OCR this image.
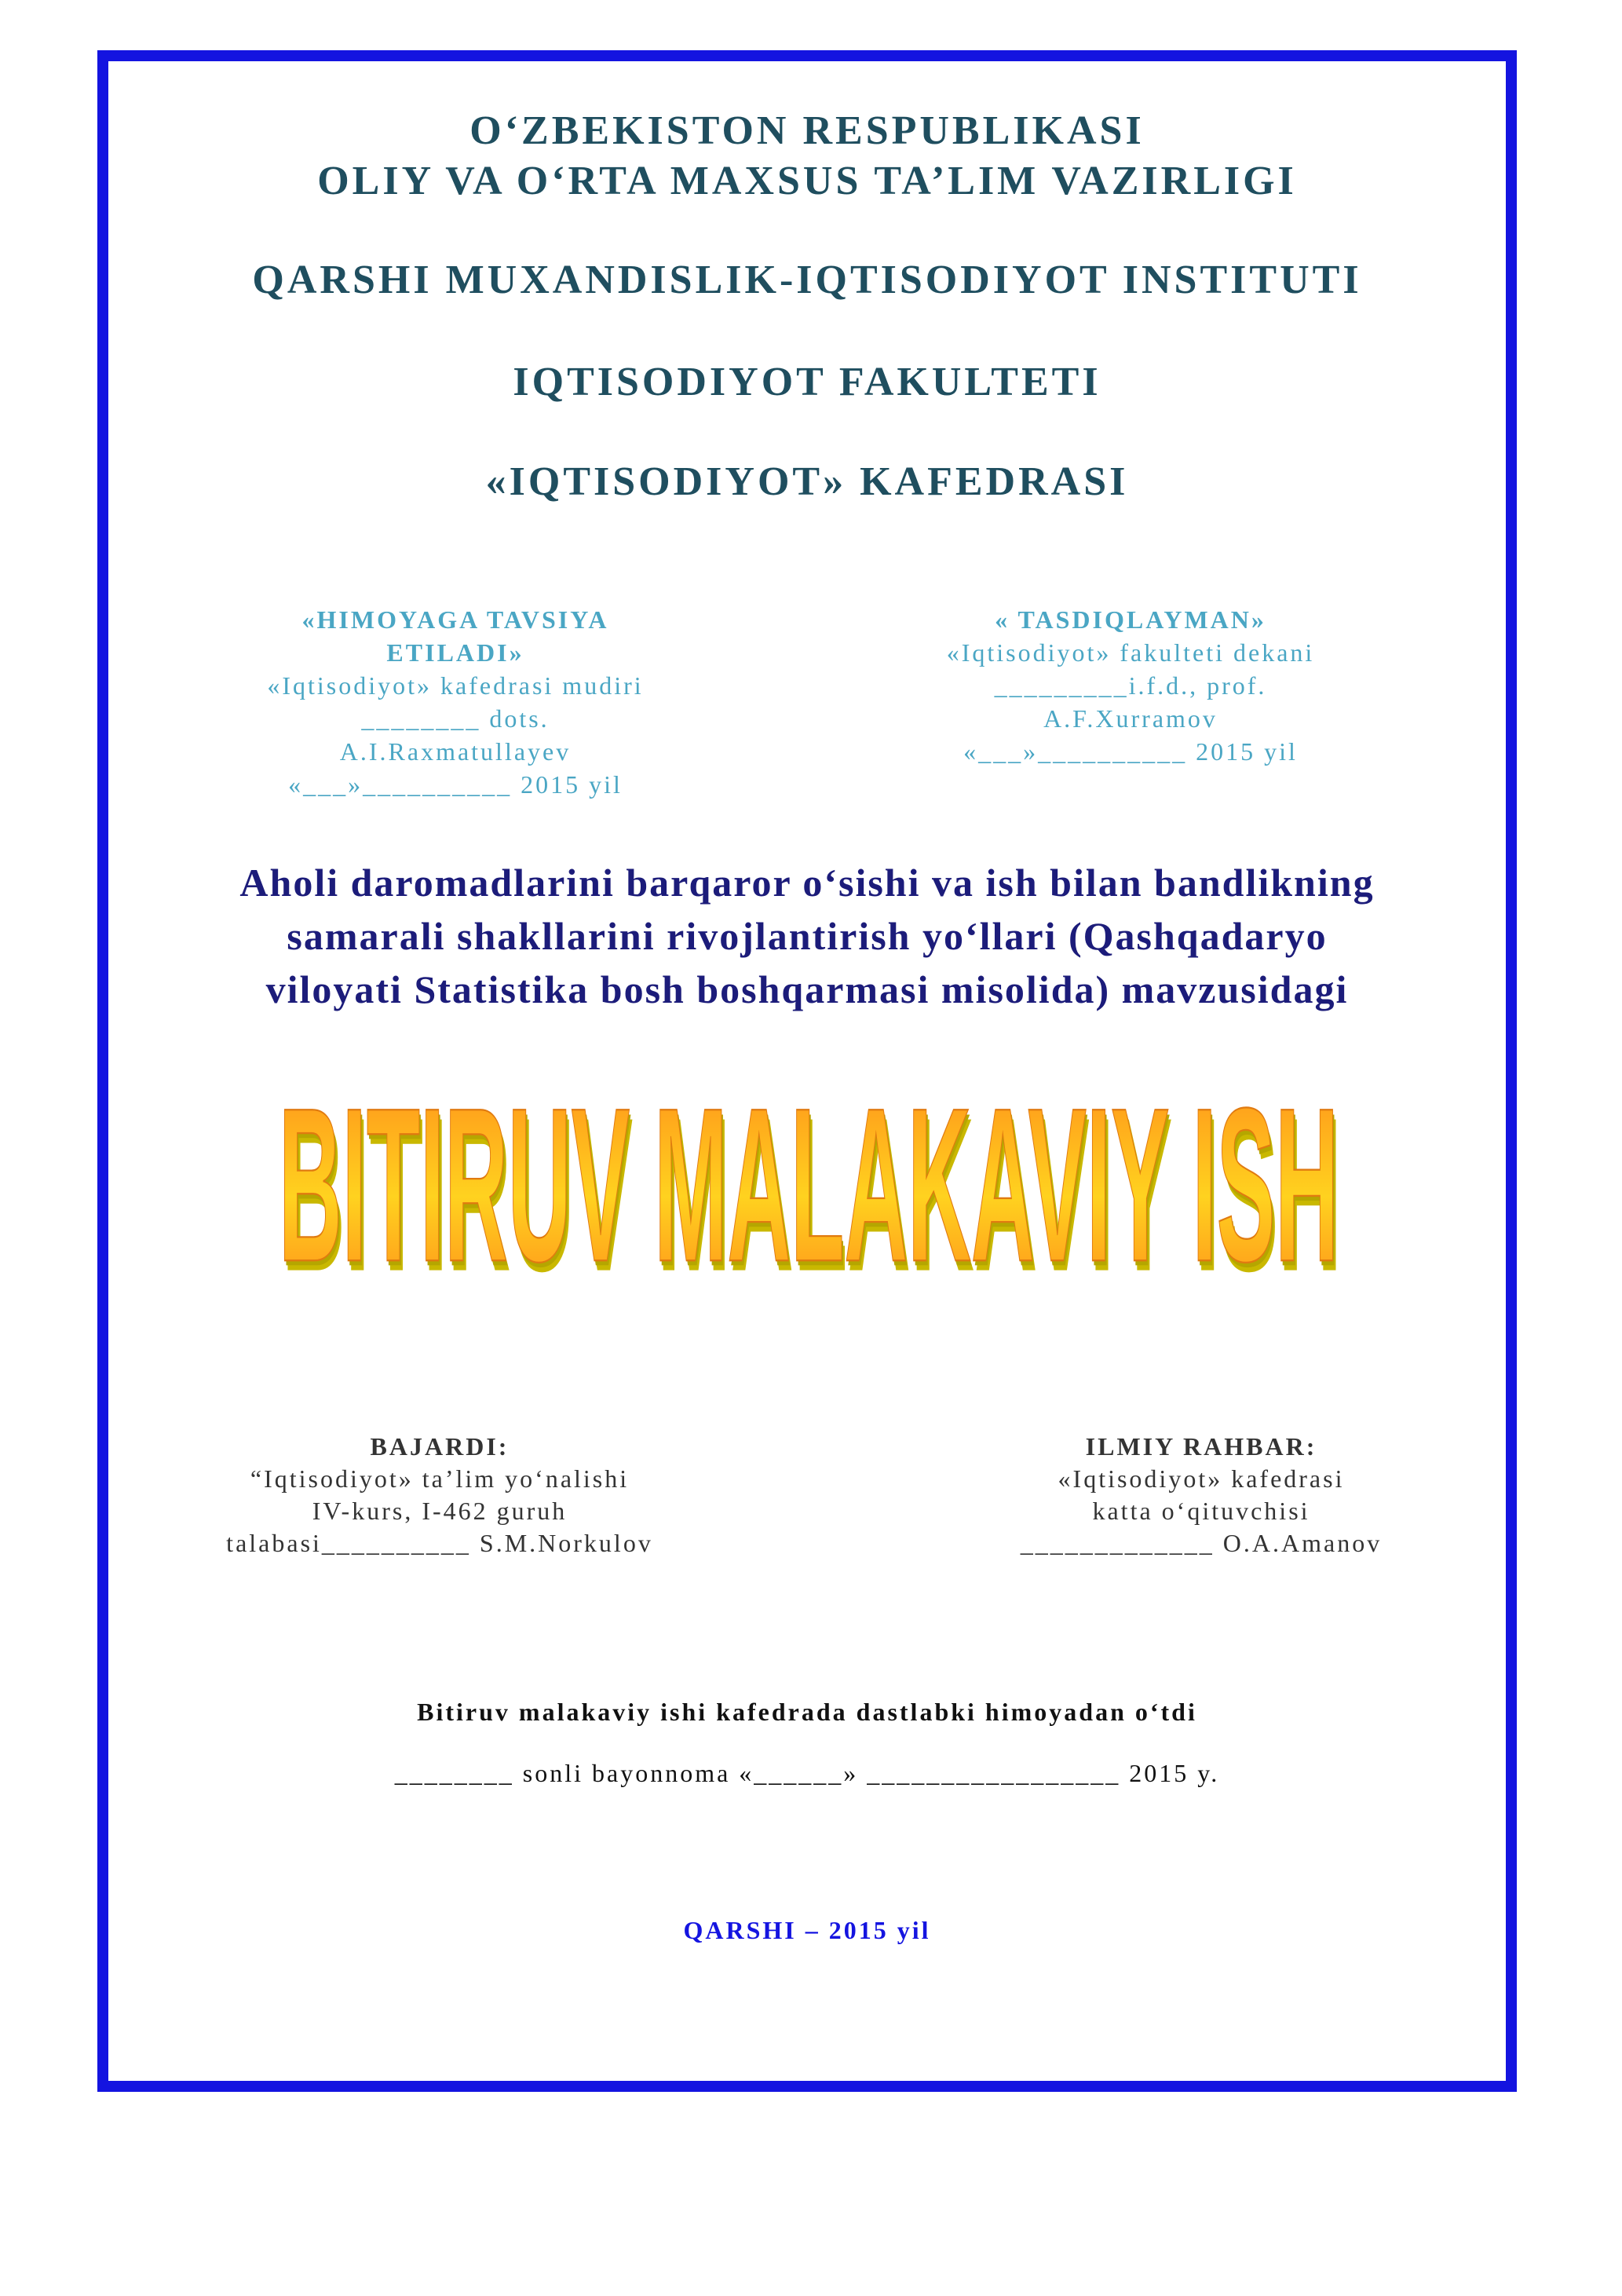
O‘ZBEKISTON RESPUBLIKASI
OLIY VA O‘RTA MAXSUS TA’LIM VAZIRLIGI
QARSHI MUXANDISLIK-IQTISODIYOT INSTITUTI
IQTISODIYOT FAKULTETI
«IQTISODIYOT» KAFEDRASI
«HIMOYAGA TAVSIYA
ETILADI»
«Iqtisodiyot» kafedrasi mudiri
________ dots.
A.I.Raxmatullayev
«___»__________ 2015 yil
« TASDIQLAYMAN»
«Iqtisodiyot» fakulteti dekani
_________i.f.d., prof.
A.F.Xurramov
«___»__________ 2015 yil
Aholi daromadlarini barqaror o‘sishi va ish bilan bandlikning
samarali shakllarini rivojlantirish yo‘llari (Qashqadaryo
viloyati Statistika bosh boshqarmasi misolida) mavzusidagi
BITIRUV MALAKAVIY ISH
BITIRUV MALAKAVIY ISH
BITIRUV MALAKAVIY ISH
BAJARDI:
“Iqtisodiyot» ta’lim yo‘nalishi
IV-kurs, I-462 guruh
talabasi__________ S.M.Norkulov
ILMIY RAHBAR:
«Iqtisodiyot» kafedrasi
katta o‘qituvchisi
_____________ O.A.Amanov
Bitiruv malakaviy ishi kafedrada dastlabki himoyadan o‘tdi
________ sonli bayonnoma «______» _________________ 2015 y.
QARSHI – 2015 yil
